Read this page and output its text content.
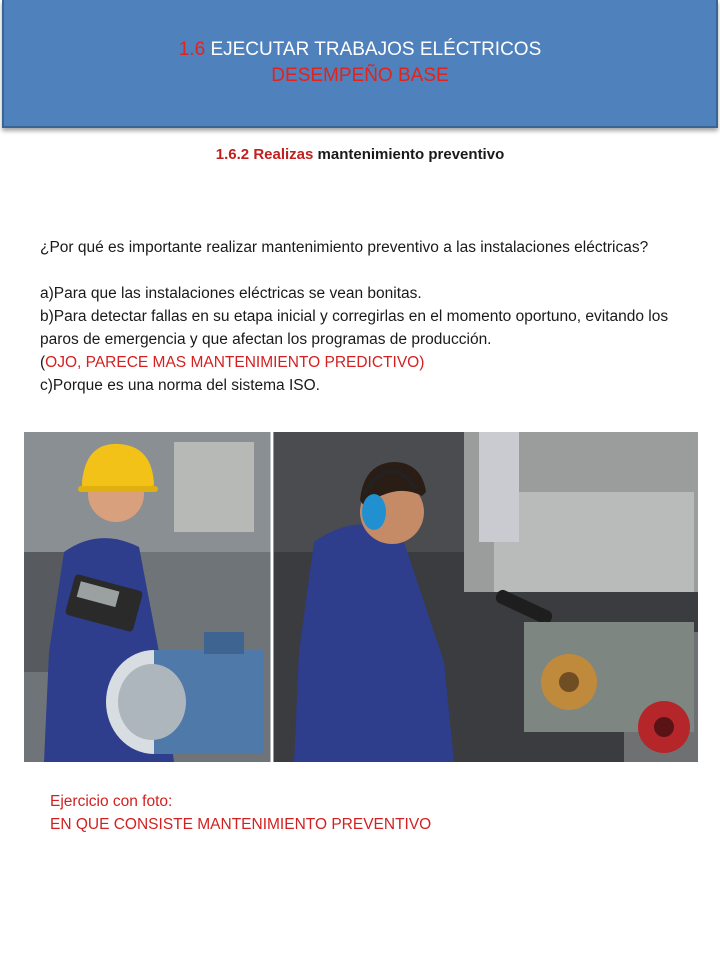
1.6 EJECUTAR TRABAJOS ELÉCTRICOS
DESEMPEÑO BASE
1.6.2 Realizas mantenimiento preventivo

¿Por qué es importante realizar mantenimiento preventivo a las instalaciones eléctricas?

a)Para que las instalaciones eléctricas se vean bonitas.

b)Para detectar fallas en su etapa inicial y corregirlas en el momento oportuno, evitando los paros de emergencia y que afectan los programas de producción.

(OJO, PARECE MAS MANTENIMIENTO PREDICTIVO)

c)Porque es una norma del sistema ISO.

Ejercicio con foto:

EN QUE CONSISTE MANTENIMIENTO PREVENTIVO
